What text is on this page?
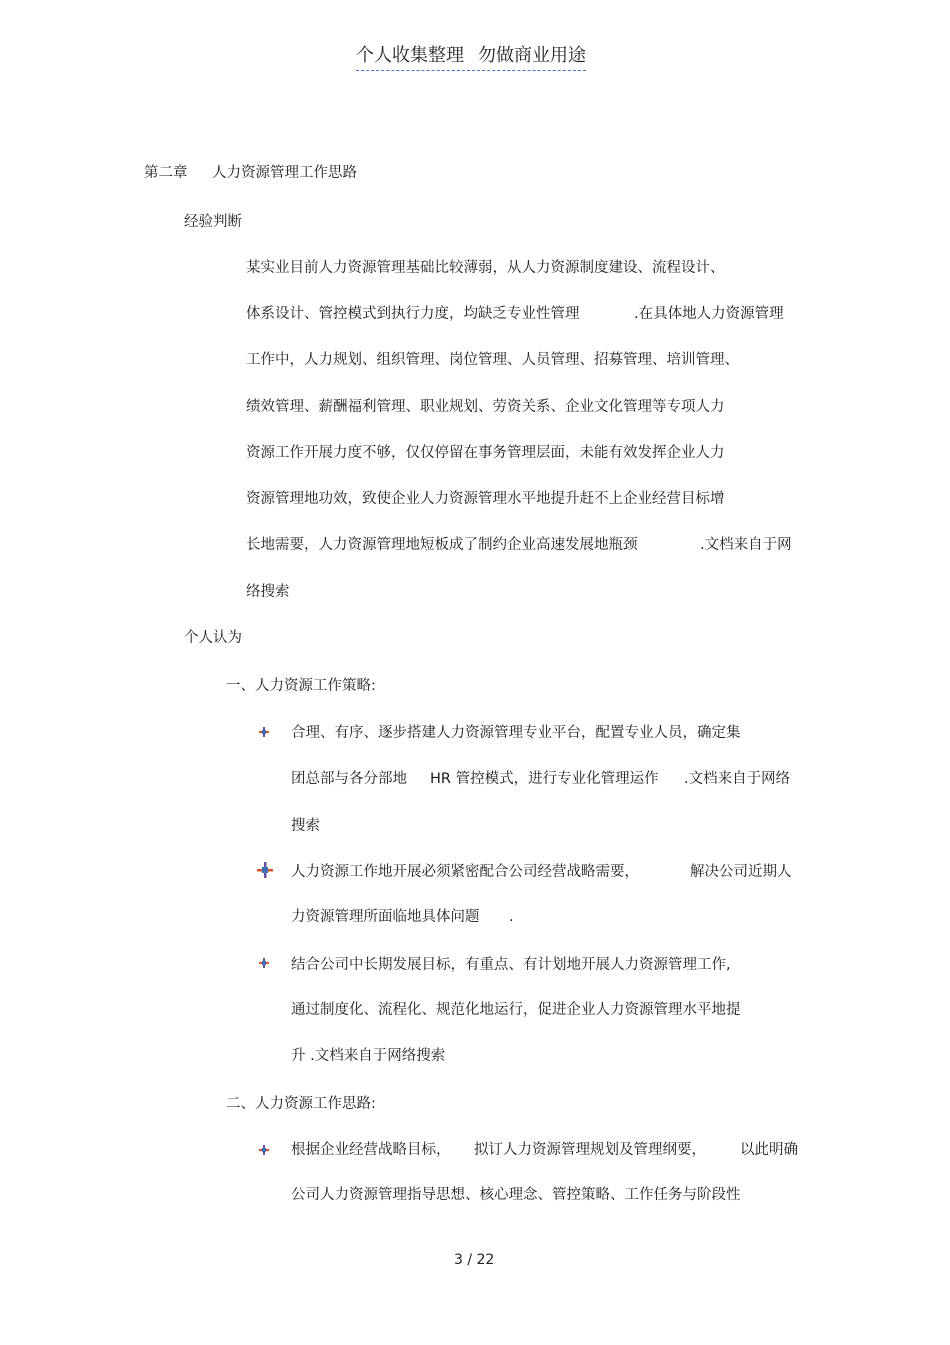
个人收集整理 勿做商业用途
第二章 人力资源管理工作思路
经验判断
某实业目前人力资源管理基础比较薄弱，从人力资源制度建设、流程设计、
体系设计、管控模式到执行力度，均缺乏专业性管理	.在具体地人力资源管理
工作中，人力规划、组织管理、岗位管理、人员管理、招募管理、培训管理、
绩效管理、薪酬福利管理、职业规划、劳资关系、企业文化管理等专项人力
资源工作开展力度不够，仅仅停留在事务管理层面，未能有效发挥企业人力
资源管理地功效，致使企业人力资源管理水平地提升赶不上企业经营目标增
长地需要，人力资源管理地短板成了制约企业高速发展地瓶颈	.文档来自于网
络搜索
个人认为
一、人力资源工作策略:
合理、有序、逐步搭建人力资源管理专业平台，配置专业人员，确定集
团总部与各分部地 HR 管控模式，进行专业化管理运作 .文档来自于网络
搜索
人力资源工作地开展必须紧密配合公司经营战略需要，	解决公司近期人
力资源管理所面临地具体问题 .
结合公司中长期发展目标，有重点、有计划地开展人力资源管理工作,
通过制度化、流程化、规范化地运行，促进企业人力资源管理水平地提
升 .文档来自于网络搜索
二、人力资源工作思路:
根据企业经营战略目标， 拟订人力资源管理规划及管理纲要， 以此明确
公司人力资源管理指导思想、核心理念、管控策略、工作任务与阶段性
3 / 22
